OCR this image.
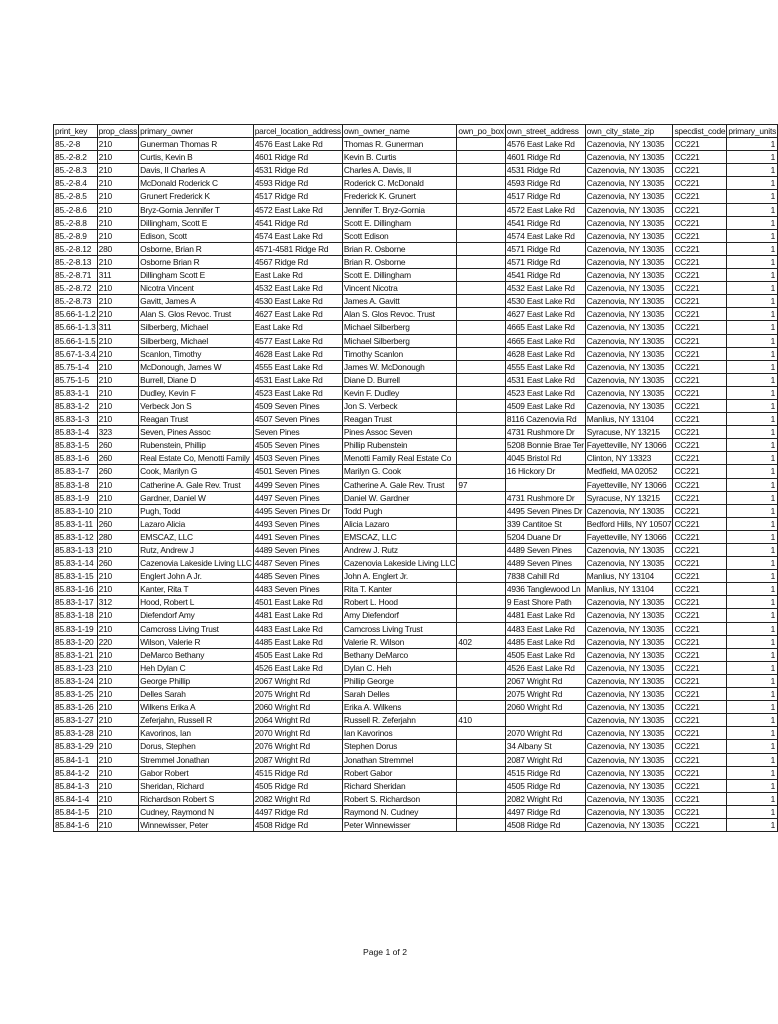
print_key	prop_class	primary_owner	parcel_location_address	own_owner_name	own_po_box	own_street_address	own_city_state_zip	specdist_code	primary_units
85.-2-8	210	Gunerman Thomas R	4576 East Lake Rd	Thomas R. Gunerman		4576 East Lake Rd	Cazenovia, NY 13035	CC221	1
85.-2-8.2	210	Curtis, Kevin B	4601 Ridge Rd	Kevin B. Curtis		4601 Ridge Rd	Cazenovia, NY 13035	CC221	1
85.-2-8.3	210	Davis, II Charles A	4531 Ridge Rd	Charles A. Davis, II		4531 Ridge Rd	Cazenovia, NY 13035	CC221	1
85.-2-8.4	210	McDonald Roderick C	4593 Ridge Rd	Roderick C. McDonald		4593 Ridge Rd	Cazenovia, NY 13035	CC221	1
85.-2-8.5	210	Grunert Frederick K	4517 Ridge Rd	Frederick K. Grunert		4517 Ridge Rd	Cazenovia, NY 13035	CC221	1
85.-2-8.6	210	Bryz-Gornia Jennifer T	4572 East Lake Rd	Jennifer T. Bryz-Gornia		4572 East Lake Rd	Cazenovia, NY 13035	CC221	1
85.-2-8.8	210	Dillingham, Scott E	4541 Ridge Rd	Scott E. Dillingham		4541 Ridge Rd	Cazenovia, NY 13035	CC221	1
85.-2-8.9	210	Edison, Scott	4574 East Lake Rd	Scott Edison		4574 East Lake Rd	Cazenovia, NY 13035	CC221	1
85.-2-8.12	280	Osborne, Brian R	4571-4581 Ridge Rd	Brian R. Osborne		4571 Ridge Rd	Cazenovia, NY 13035	CC221	1
85.-2-8.13	210	Osborne Brian R	4567 Ridge Rd	Brian R. Osborne		4571 Ridge Rd	Cazenovia, NY 13035	CC221	1
85.-2-8.71	311	Dillingham Scott E	East Lake Rd	Scott E. Dillingham		4541 Ridge Rd	Cazenovia, NY 13035	CC221	1
85.-2-8.72	210	Nicotra Vincent	4532 East Lake Rd	Vincent Nicotra		4532 East Lake Rd	Cazenovia, NY 13035	CC221	1
85.-2-8.73	210	Gavitt, James A	4530 East Lake Rd	James A. Gavitt		4530 East Lake Rd	Cazenovia, NY 13035	CC221	1
85.66-1-1.2	210	Alan S. Glos Revoc. Trust	4627 East Lake Rd	Alan S. Glos Revoc. Trust		4627 East Lake Rd	Cazenovia, NY 13035	CC221	1
85.66-1-1.3	311	Silberberg, Michael	East Lake Rd	Michael Silberberg		4665 East Lake Rd	Cazenovia, NY 13035	CC221	1
85.66-1-1.5	210	Silberberg, Michael	4577 East Lake Rd	Michael Silberberg		4665 East Lake Rd	Cazenovia, NY 13035	CC221	1
85.67-1-3.4	210	Scanlon, Timothy	4628 East Lake Rd	Timothy Scanlon		4628 East Lake Rd	Cazenovia, NY 13035	CC221	1
85.75-1-4	210	McDonough, James W	4555 East Lake Rd	James W. McDonough		4555 East Lake Rd	Cazenovia, NY 13035	CC221	1
85.75-1-5	210	Burrell, Diane D	4531 East Lake Rd	Diane D. Burrell		4531 East Lake Rd	Cazenovia, NY 13035	CC221	1
85.83-1-1	210	Dudley, Kevin F	4523 East Lake Rd	Kevin F. Dudley		4523 East Lake Rd	Cazenovia, NY 13035	CC221	1
85.83-1-2	210	Verbeck Jon S	4509 Seven Pines	Jon S. Verbeck		4509 East Lake Rd	Cazenovia, NY 13035	CC221	1
85.83-1-3	210	Reagan Trust	4507 Seven Pines	Reagan Trust		8116 Cazenovia Rd	Manlius, NY 13104	CC221	1
85.83-1-4	323	Seven, Pines Assoc	Seven Pines	Pines Assoc Seven		4731 Rushmore Dr	Syracuse, NY 13215	CC221	1
85.83-1-5	260	Rubenstein, Phillip	4505 Seven Pines	Phillip Rubenstein		5208 Bonnie Brae Ter	Fayetteville, NY 13066	CC221	1
85.83-1-6	260	Real Estate Co, Menotti Family	4503 Seven Pines	Menotti Family Real Estate Co		4045 Bristol Rd	Clinton, NY 13323	CC221	1
85.83-1-7	260	Cook, Marilyn G	4501 Seven Pines	Marilyn G. Cook		16 Hickory Dr	Medfield, MA 02052	CC221	1
85.83-1-8	210	Catherine A. Gale Rev. Trust	4499 Seven Pines	Catherine A. Gale Rev. Trust	97		Fayetteville, NY 13066	CC221	1
85.83-1-9	210	Gardner, Daniel W	4497 Seven Pines	Daniel W. Gardner		4731 Rushmore Dr	Syracuse, NY 13215	CC221	1
85.83-1-10	210	Pugh, Todd	4495 Seven Pines Dr	Todd Pugh		4495 Seven Pines Dr	Cazenovia, NY 13035	CC221	1
85.83-1-11	260	Lazaro Alicia	4493 Seven Pines	Alicia Lazaro		339 Cantitoe St	Bedford Hills, NY 10507	CC221	1
85.83-1-12	280	EMSCAZ, LLC	4491 Seven Pines	EMSCAZ, LLC		5204 Duane Dr	Fayetteville, NY 13066	CC221	1
85.83-1-13	210	Rutz, Andrew J	4489 Seven Pines	Andrew J. Rutz		4489 Seven Pines	Cazenovia, NY 13035	CC221	1
85.83-1-14	260	Cazenovia Lakeside Living LLC	4487 Seven Pines	Cazenovia Lakeside Living LLC		4489 Seven Pines	Cazenovia, NY 13035	CC221	1
85.83-1-15	210	Englert John A Jr.	4485 Seven Pines	John A. Englert Jr.		7838 Cahill Rd	Manlius, NY 13104	CC221	1
85.83-1-16	210	Kanter, Rita T	4483 Seven Pines	Rita T. Kanter		4936 Tanglewood Ln	Manlius, NY 13104	CC221	1
85.83-1-17	312	Hood, Robert L	4501 East Lake Rd	Robert L. Hood		9 East Shore Path	Cazenovia, NY 13035	CC221	1
85.83-1-18	210	Diefendorf Amy	4481 East Lake Rd	Amy Diefendorf		4481 East Lake Rd	Cazenovia, NY 13035	CC221	1
85.83-1-19	210	Camcross Living Trust	4483 East Lake Rd	Camcross Living Trust		4483 East Lake Rd	Cazenovia, NY 13035	CC221	1
85.83-1-20	220	Wilson, Valerie R	4485 East Lake Rd	Valerie R. Wilson	402	4485 East Lake Rd	Cazenovia, NY 13035	CC221	1
85.83-1-21	210	DeMarco Bethany	4505 East Lake Rd	Bethany DeMarco		4505 East Lake Rd	Cazenovia, NY 13035	CC221	1
85.83-1-23	210	Heh Dylan C	4526 East Lake Rd	Dylan C. Heh		4526 East Lake Rd	Cazenovia, NY 13035	CC221	1
85.83-1-24	210	George Phillip	2067 Wright Rd	Phillip George		2067 Wright Rd	Cazenovia, NY 13035	CC221	1
85.83-1-25	210	Delles Sarah	2075 Wright Rd	Sarah Delles		2075 Wright Rd	Cazenovia, NY 13035	CC221	1
85.83-1-26	210	Wilkens Erika A	2060 Wright Rd	Erika A. Wilkens		2060 Wright Rd	Cazenovia, NY 13035	CC221	1
85.83-1-27	210	Zeferjahn, Russell R	2064 Wright Rd	Russell R. Zeferjahn	410		Cazenovia, NY 13035	CC221	1
85.83-1-28	210	Kavorinos, Ian	2070 Wright Rd	Ian Kavorinos		2070 Wright Rd	Cazenovia, NY 13035	CC221	1
85.83-1-29	210	Dorus, Stephen	2076 Wright Rd	Stephen Dorus		34 Albany St	Cazenovia, NY 13035	CC221	1
85.84-1-1	210	Stremmel Jonathan	2087 Wright Rd	Jonathan Stremmel		2087 Wright Rd	Cazenovia, NY 13035	CC221	1
85.84-1-2	210	Gabor Robert	4515 Ridge Rd	Robert Gabor		4515 Ridge Rd	Cazenovia, NY 13035	CC221	1
85.84-1-3	210	Sheridan, Richard	4505 Ridge Rd	Richard Sheridan		4505 Ridge Rd	Cazenovia, NY 13035	CC221	1
85.84-1-4	210	Richardson Robert S	2082 Wright Rd	Robert S. Richardson		2082 Wright Rd	Cazenovia, NY 13035	CC221	1
85.84-1-5	210	Cudney, Raymond N	4497 Ridge Rd	Raymond N. Cudney		4497 Ridge Rd	Cazenovia, NY 13035	CC221	1
85.84-1-6	210	Winnewisser, Peter	4508 Ridge Rd	Peter Winnewisser		4508 Ridge Rd	Cazenovia, NY 13035	CC221	1
Page 1 of 2
